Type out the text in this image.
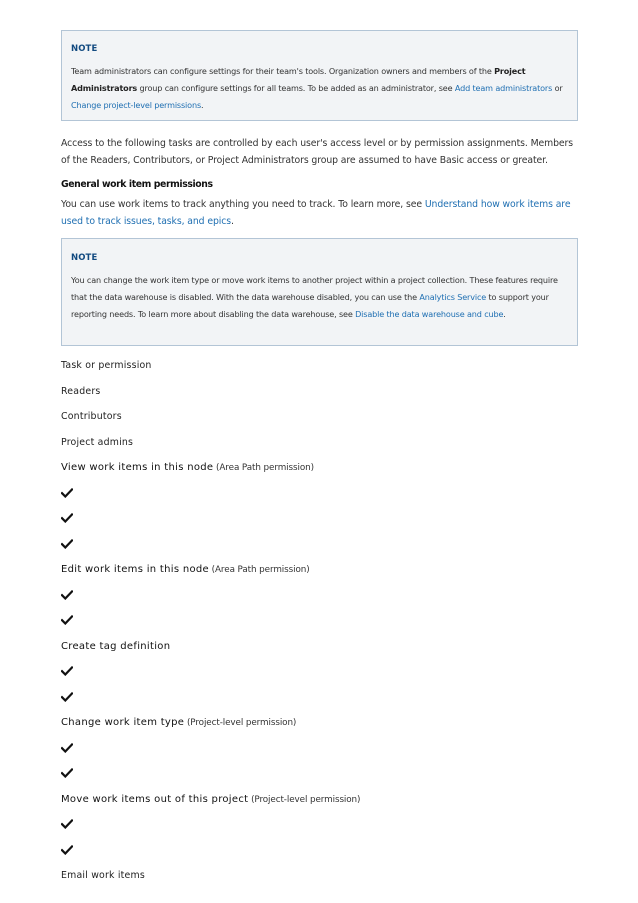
NOTE

Team administrators can configure settings for their team's tools. Organization owners and members of the Project Administrators group can configure settings for all teams. To be added as an administrator, see Add team administrators or Change project-level permissions.

Access to the following tasks are controlled by each user's access level or by permission assignments. Members of the Readers, Contributors, or Project Administrators group are assumed to have Basic access or greater.

General work item permissions

You can use work items to track anything you need to track. To learn more, see Understand how work items are used to track issues, tasks, and epics.

NOTE

You can change the work item type or move work items to another project within a project collection. These features require that the data warehouse is disabled. With the data warehouse disabled, you can use the Analytics Service to support your reporting needs. To learn more about disabling the data warehouse, see Disable the data warehouse and cube.

Task or permission
Readers
Contributors
Project admins
View work items in this node (Area Path permission)
Edit work items in this node (Area Path permission)
Create tag definition
Change work item type (Project-level permission)
Move work items out of this project (Project-level permission)
Email work items
